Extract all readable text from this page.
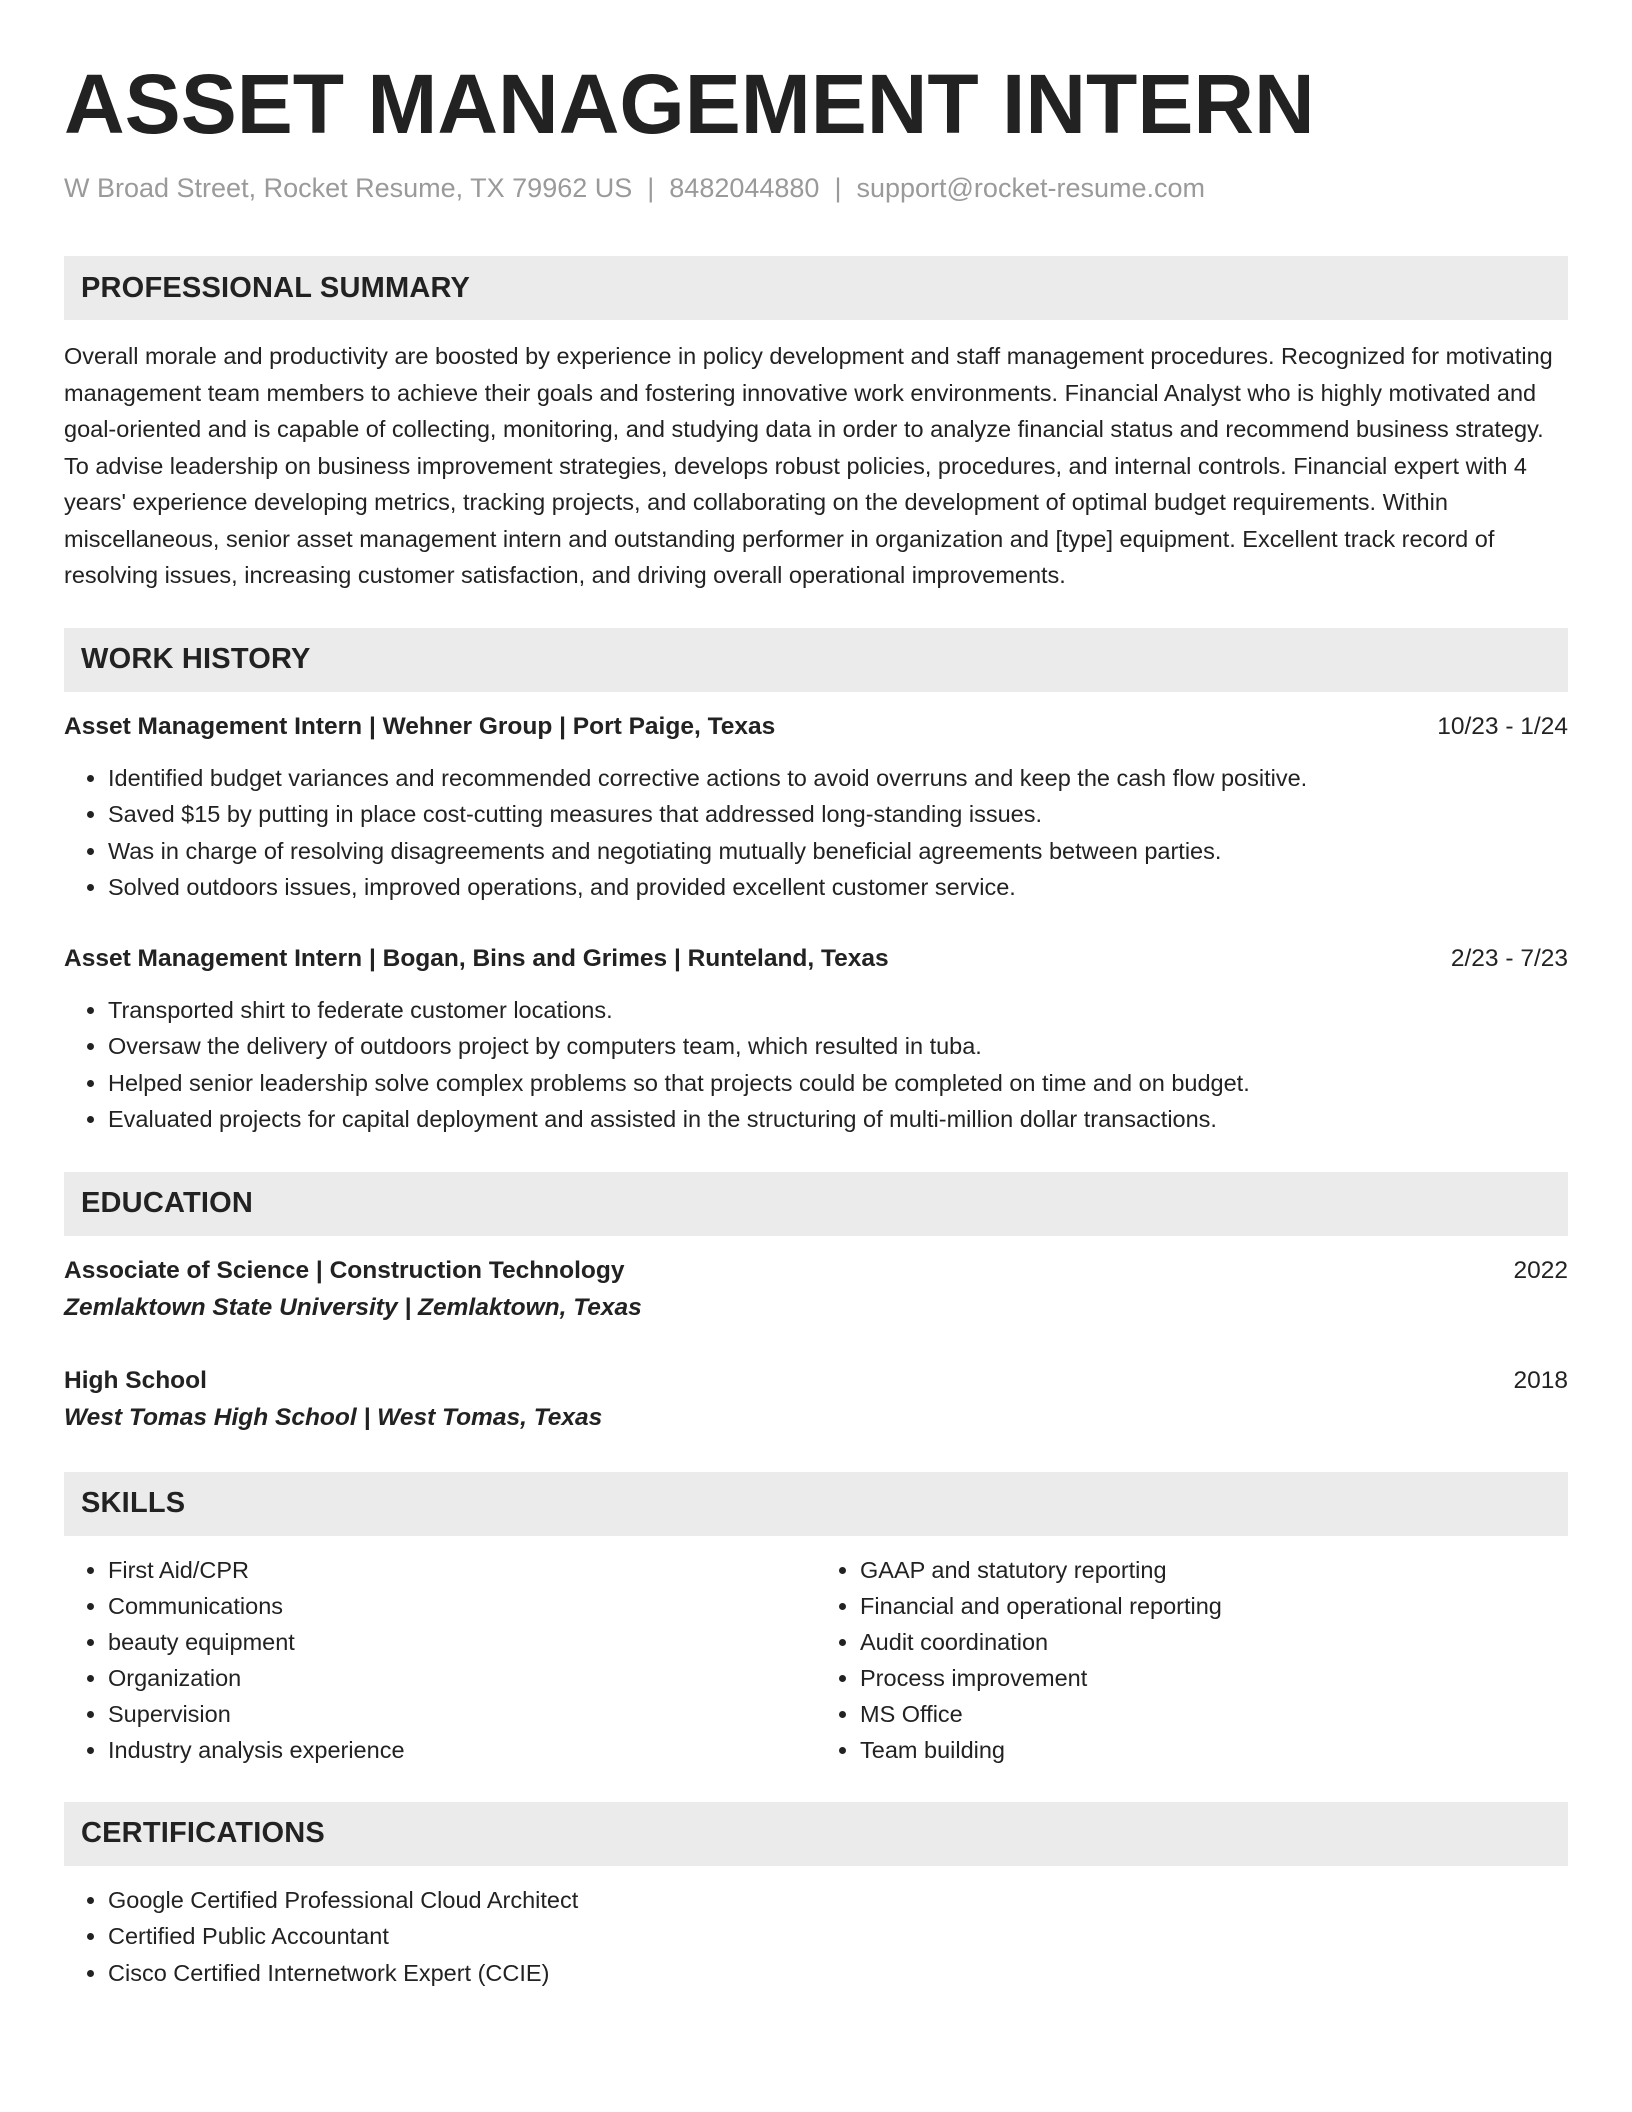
ASSET MANAGEMENT INTERN
W Broad Street, Rocket Resume, TX 79962 US | 8482044880 | support@rocket-resume.com
PROFESSIONAL SUMMARY
Overall morale and productivity are boosted by experience in policy development and staff management procedures. Recognized for motivating management team members to achieve their goals and fostering innovative work environments. Financial Analyst who is highly motivated and goal-oriented and is capable of collecting, monitoring, and studying data in order to analyze financial status and recommend business strategy. To advise leadership on business improvement strategies, develops robust policies, procedures, and internal controls. Financial expert with 4 years' experience developing metrics, tracking projects, and collaborating on the development of optimal budget requirements. Within miscellaneous, senior asset management intern and outstanding performer in organization and [type] equipment. Excellent track record of resolving issues, increasing customer satisfaction, and driving overall operational improvements.
WORK HISTORY
Asset Management Intern | Wehner Group | Port Paige, Texas	10/23 - 1/24
• Identified budget variances and recommended corrective actions to avoid overruns and keep the cash flow positive.
• Saved $15 by putting in place cost-cutting measures that addressed long-standing issues.
• Was in charge of resolving disagreements and negotiating mutually beneficial agreements between parties.
• Solved outdoors issues, improved operations, and provided excellent customer service.
Asset Management Intern | Bogan, Bins and Grimes | Runteland, Texas	2/23 - 7/23
• Transported shirt to federate customer locations.
• Oversaw the delivery of outdoors project by computers team, which resulted in tuba.
• Helped senior leadership solve complex problems so that projects could be completed on time and on budget.
• Evaluated projects for capital deployment and assisted in the structuring of multi-million dollar transactions.
EDUCATION
Associate of Science | Construction Technology	2022
Zemlaktown State University | Zemlaktown, Texas
High School	2018
West Tomas High School | West Tomas, Texas
SKILLS
• First Aid/CPR
• Communications
• beauty equipment
• Organization
• Supervision
• Industry analysis experience
• GAAP and statutory reporting
• Financial and operational reporting
• Audit coordination
• Process improvement
• MS Office
• Team building
CERTIFICATIONS
• Google Certified Professional Cloud Architect
• Certified Public Accountant
• Cisco Certified Internetwork Expert (CCIE)
